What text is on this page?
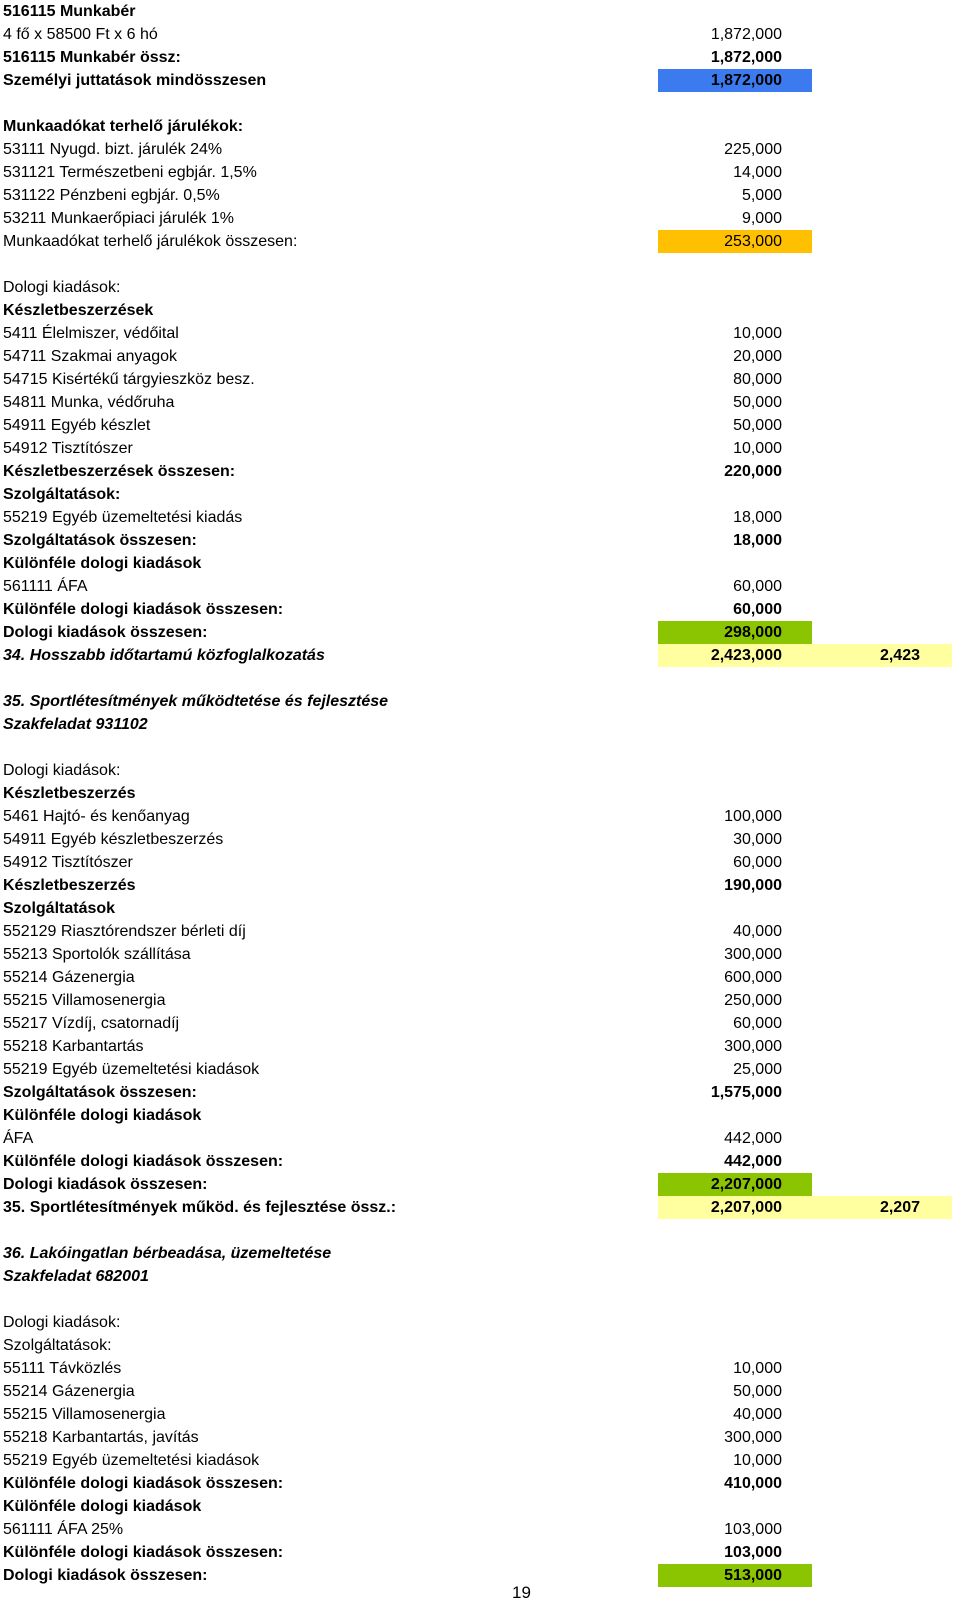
516115 Munkabér
4 fő x 58500 Ft x 6 hó	1,872,000
516115 Munkabér össz:	1,872,000
Személyi juttatások mindösszesen	1,872,000
Munkaadókat terhelő járulékok:
53111 Nyugd. bizt. járulék 24%	225,000
531121 Természetbeni egbjár. 1,5%	14,000
531122 Pénzbeni egbjár. 0,5%	5,000
53211 Munkaerőpiaci járulék 1%	9,000
Munkaadókat terhelő járulékok összesen:	253,000
Dologi kiadások:
Készletbeszerzések
5411 Élelmiszer, védőital	10,000
54711 Szakmai anyagok	20,000
54715 Kisértékű tárgyieszköz besz.	80,000
54811 Munka, védőruha	50,000
54911 Egyéb készlet	50,000
54912 Tisztítószer	10,000
Készletbeszerzések összesen:	220,000
Szolgáltatások:
55219 Egyéb üzemeltetési kiadás	18,000
Szolgáltatások összesen:	18,000
Különféle dologi kiadások
561111 ÁFA	60,000
Különféle dologi kiadások összesen:	60,000
Dologi kiadások összesen:	298,000
34. Hosszabb időtartamú közfoglalkozatás	2,423,000	2,423
35. Sportlétesítmények működtetése és fejlesztése
Szakfeladat 931102
Dologi kiadások:
Készletbeszerzés
5461 Hajtó- és kenőanyag	100,000
54911 Egyéb készletbeszerzés	30,000
54912 Tisztítószer	60,000
Készletbeszerzés	190,000
Szolgáltatások
552129 Riasztórendszer bérleti díj	40,000
55213 Sportolók szállítása	300,000
55214 Gázenergia	600,000
55215 Villamosenergia	250,000
55217 Vízdíj, csatornadíj	60,000
55218 Karbantartás	300,000
55219 Egyéb üzemeltetési kiadások	25,000
Szolgáltatások összesen:	1,575,000
Különféle dologi kiadások
ÁFA	442,000
Különféle dologi kiadások összesen:	442,000
Dologi kiadások összesen:	2,207,000
35. Sportlétesítmények működ. és fejlesztése össz.:	2,207,000	2,207
36. Lakóingatlan bérbeadása, üzemeltetése
Szakfeladat 682001
Dologi kiadások:
Szolgáltatások:
55111 Távközlés	10,000
55214 Gázenergia	50,000
55215 Villamosenergia	40,000
55218 Karbantartás, javítás	300,000
55219 Egyéb üzemeltetési kiadások	10,000
Különféle dologi kiadások összesen:	410,000
Különféle dologi kiadások
561111 ÁFA 25%	103,000
Különféle dologi kiadások összesen:	103,000
Dologi kiadások összesen:	513,000
19
